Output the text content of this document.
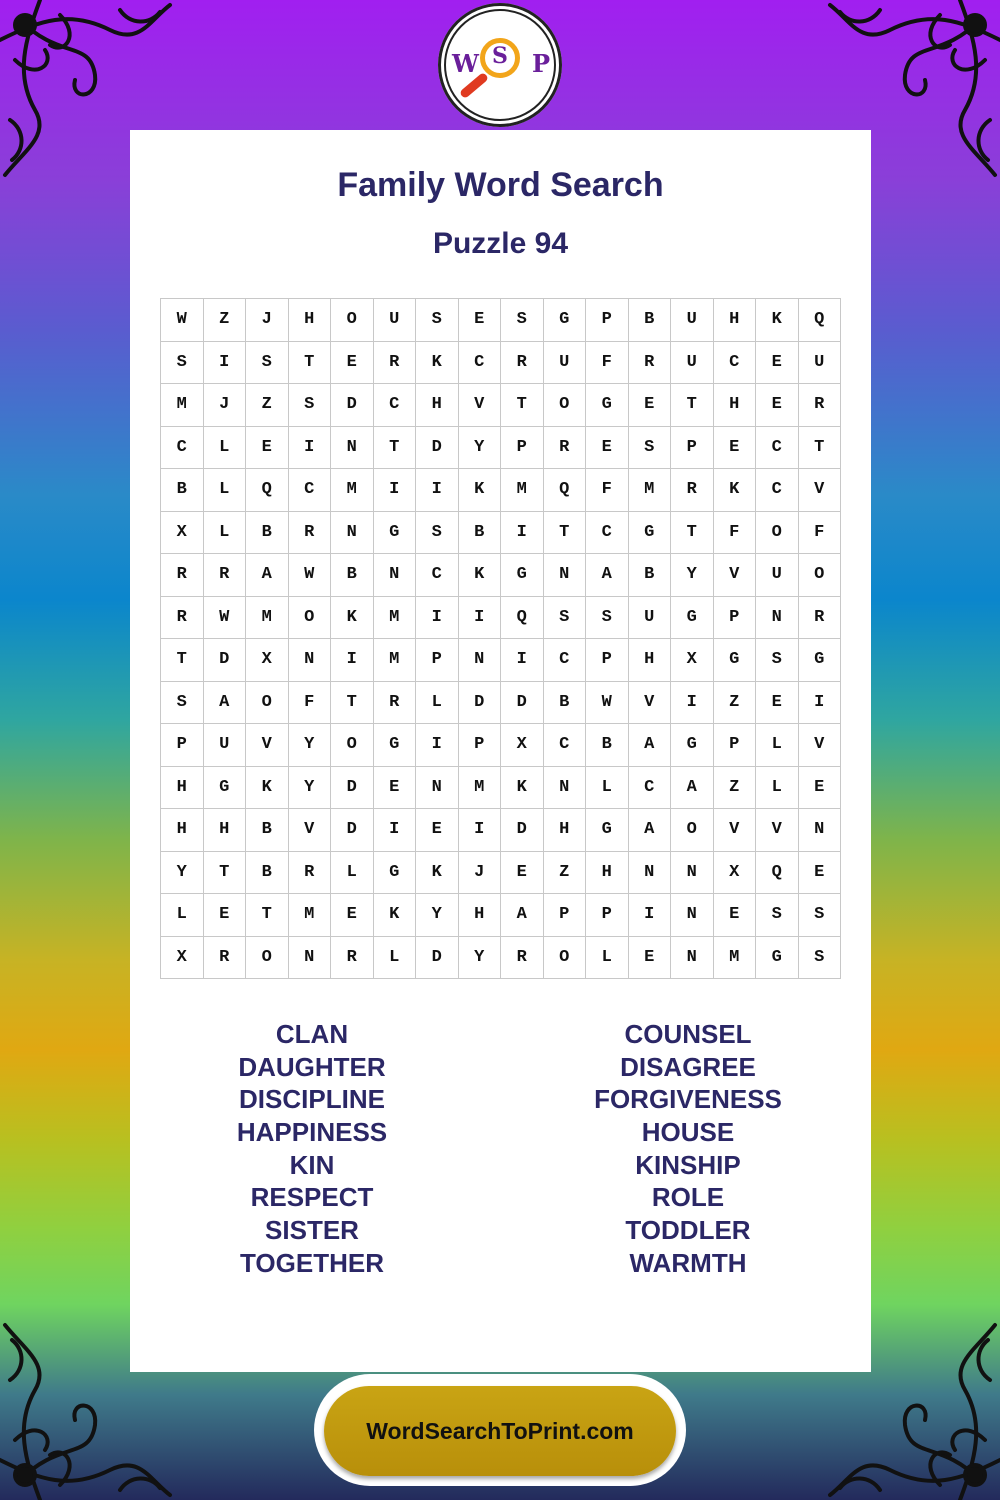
W S P
Family Word Search
Puzzle 94
W	Z	J	H	O	U	S	E	S	G	P	B	U	H	K	Q
S	I	S	T	E	R	K	C	R	U	F	R	U	C	E	U
M	J	Z	S	D	C	H	V	T	O	G	E	T	H	E	R
C	L	E	I	N	T	D	Y	P	R	E	S	P	E	C	T
B	L	Q	C	M	I	I	K	M	Q	F	M	R	K	C	V
X	L	B	R	N	G	S	B	I	T	C	G	T	F	O	F
R	R	A	W	B	N	C	K	G	N	A	B	Y	V	U	O
R	W	M	O	K	M	I	I	Q	S	S	U	G	P	N	R
T	D	X	N	I	M	P	N	I	C	P	H	X	G	S	G
S	A	O	F	T	R	L	D	D	B	W	V	I	Z	E	I
P	U	V	Y	O	G	I	P	X	C	B	A	G	P	L	V
H	G	K	Y	D	E	N	M	K	N	L	C	A	Z	L	E
H	H	B	V	D	I	E	I	D	H	G	A	O	V	V	N
Y	T	B	R	L	G	K	J	E	Z	H	N	N	X	Q	E
L	E	T	M	E	K	Y	H	A	P	P	I	N	E	S	S
X	R	O	N	R	L	D	Y	R	O	L	E	N	M	G	S
CLAN
DAUGHTER
DISCIPLINE
HAPPINESS
KIN
RESPECT
SISTER
TOGETHER
COUNSEL
DISAGREE
FORGIVENESS
HOUSE
KINSHIP
ROLE
TODDLER
WARMTH
WordSearchToPrint.com
